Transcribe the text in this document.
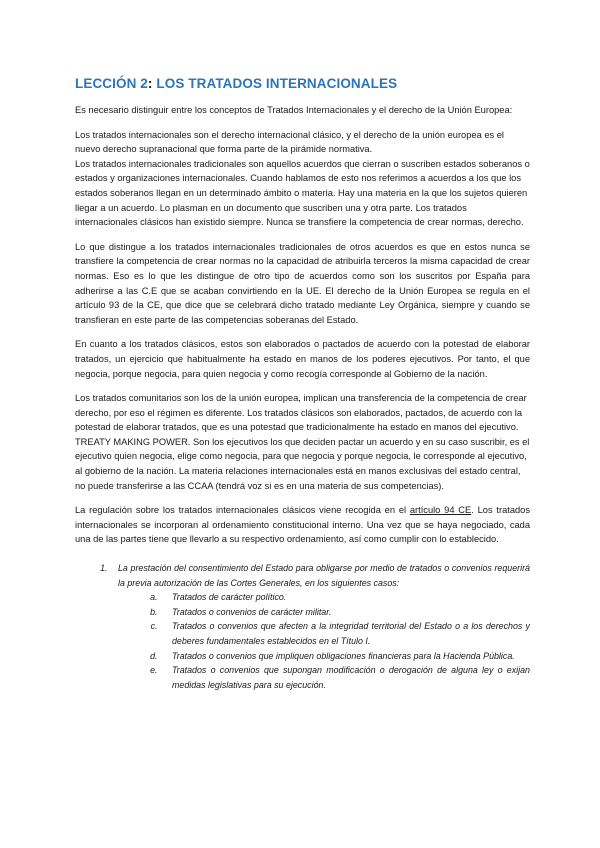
LECCIÓN 2: LOS TRATADOS INTERNACIONALES

Es necesario distinguir entre los conceptos de Tratados Internacionales y el derecho de la Unión Europea:

Los tratados internacionales son el derecho internacional clásico, y el derecho de la unión europea es el nuevo derecho supranacional que forma parte de la pirámide normativa.

Los tratados internacionales tradicionales son aquellos acuerdos que cierran o suscriben estados soberanos o estados y organizaciones internacionales. Cuando hablamos de esto nos referimos a acuerdos a los que los estados soberanos llegan en un determinado ámbito o materia. Hay una materia en la que los sujetos quieren llegar a un acuerdo. Lo plasman en un documento que suscriben una y otra parte. Los tratados internacionales clásicos han existido siempre. Nunca se transfiere la competencia de crear normas, derecho.

Lo que distingue a los tratados internacionales tradicionales de otros acuerdos es que en estos nunca se transfiere la competencia de crear normas no la capacidad de atribuirla terceros la misma capacidad de crear normas. Eso es lo que les distingue de otro tipo de acuerdos como son los suscritos por España para adherirse a las C.E que se acaban convirtiendo en la UE. El derecho de la Unión Europea se regula en el artículo 93 de la CE, que dice que se celebrará dicho tratado mediante Ley Orgánica, siempre y cuando se transfieran en este parte de las competencias soberanas del Estado.

En cuanto a los tratados clásicos, estos son elaborados o pactados de acuerdo con la potestad de elaborar tratados, un ejercicio que habitualmente ha estado en manos de los poderes ejecutivos. Por tanto, el que negocia, porque negocia, para quien negocia y como recogía corresponde al Gobierno de la nación.

Los tratados comunitarios son los de la unión europea, implican una transferencia de la competencia de crear derecho, por eso el régimen es diferente. Los tratados clásicos son elaborados, pactados, de acuerdo con la potestad de elaborar tratados, que es una potestad que tradicionalmente ha estado en manos del ejecutivo. TREATY MAKING POWER. Son los ejecutivos los que deciden pactar un acuerdo y en su caso suscribir, es el ejecutivo quien negocia, elige como negocia, para que negocia y porque negocia, le corresponde al ejecutivo, al gobierno de la nación. La materia relaciones internacionales está en manos exclusivas del estado central, no puede transferirse a las CCAA (tendrá voz si es en una materia de sus competencias).

La regulación sobre los tratados internacionales clásicos viene recogida en el artículo 94 CE. Los tratados internacionales se incorporan al ordenamiento constitucional interno. Una vez que se haya negociado, cada una de las partes tiene que llevarlo a su respectivo ordenamiento, así como cumplir con lo establecido.

1. La prestación del consentimiento del Estado para obligarse por medio de tratados o convenios requerirá la previa autorización de las Cortes Generales, en los siguientes casos:
a. Tratados de carácter político.
b. Tratados o convenios de carácter militar.
c. Tratados o convenios que afecten a la integridad territorial del Estado o a los derechos y deberes fundamentales establecidos en el Título I.
d. Tratados o convenios que impliquen obligaciones financieras para la Hacienda Pública.
e. Tratados o convenios que supongan modificación o derogación de alguna ley o exijan medidas legislativas para su ejecución.
